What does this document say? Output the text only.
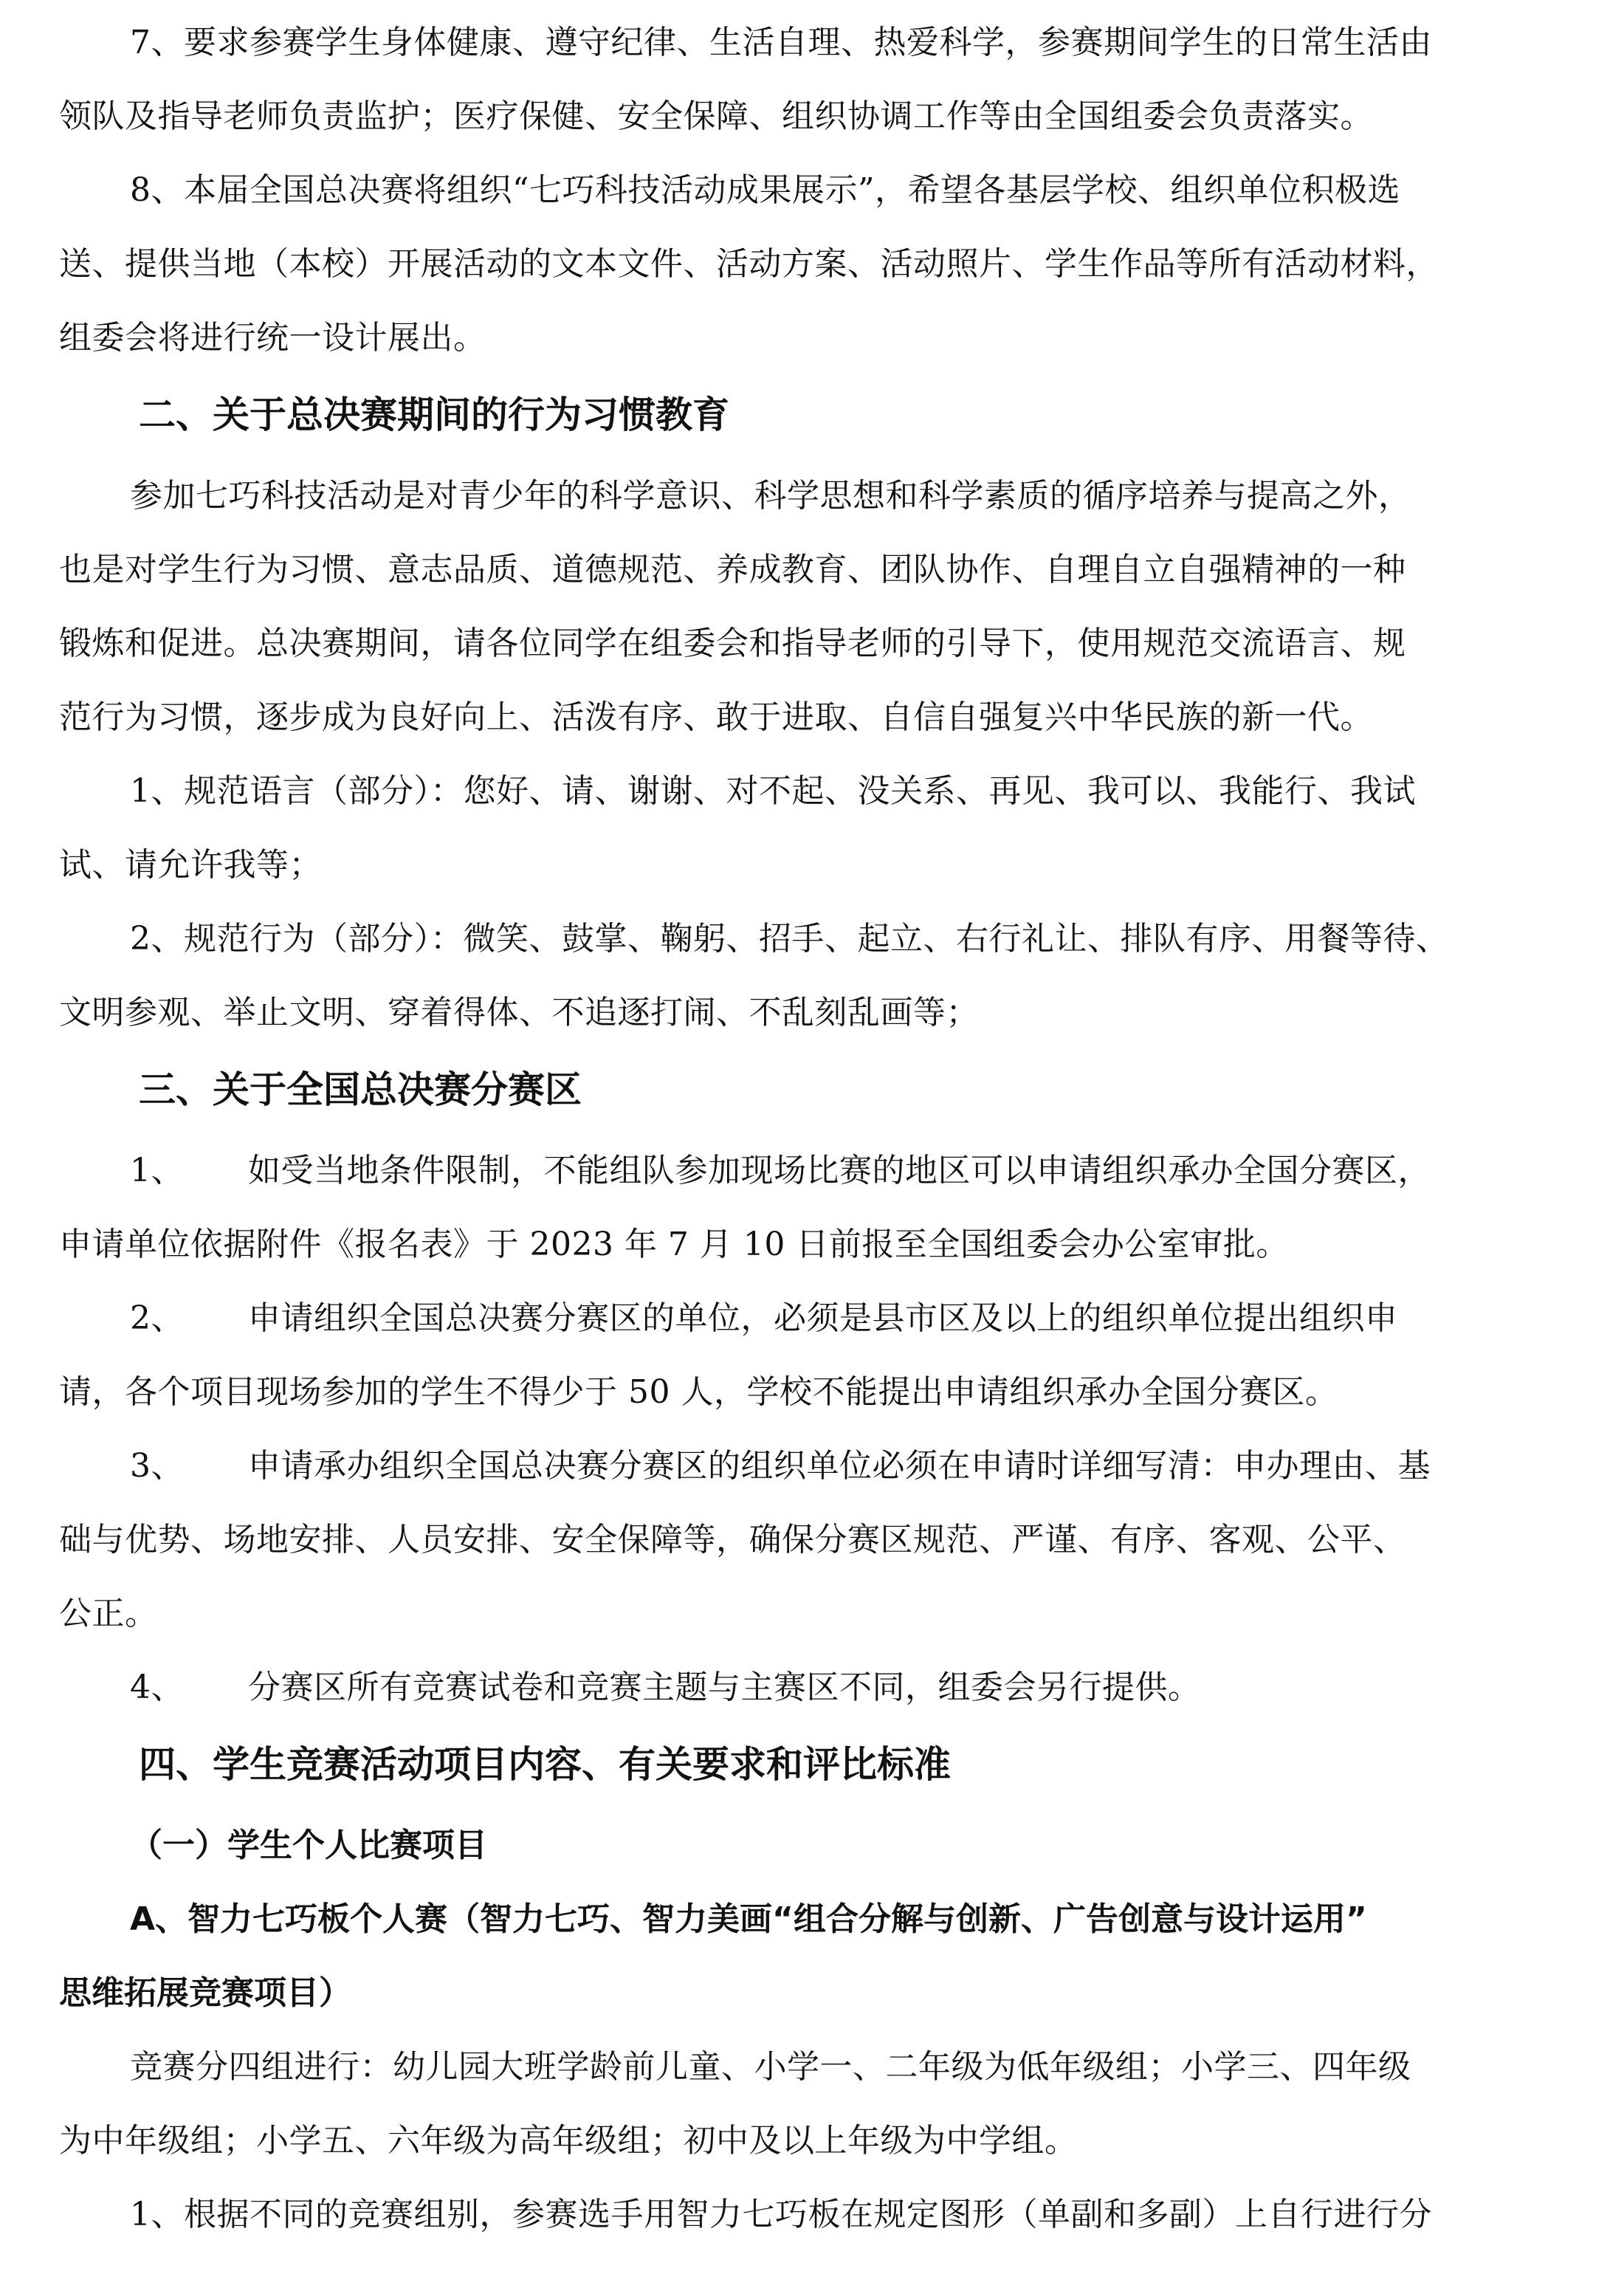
7、要求参赛学生身体健康、遵守纪律、生活自理、热爱科学，参赛期间学生的日常生活由
领队及指导老师负责监护；医疗保健、安全保障、组织协调工作等由全国组委会负责落实。
8、本届全国总决赛将组织“七巧科技活动成果展示”，希望各基层学校、组织单位积极选
送、提供当地（本校）开展活动的文本文件、活动方案、活动照片、学生作品等所有活动材料，
组委会将进行统一设计展出。
二、关于总决赛期间的行为习惯教育
参加七巧科技活动是对青少年的科学意识、科学思想和科学素质的循序培养与提高之外，
也是对学生行为习惯、意志品质、道德规范、养成教育、团队协作、自理自立自强精神的一种
锻炼和促进。总决赛期间，请各位同学在组委会和指导老师的引导下，使用规范交流语言、规
范行为习惯，逐步成为良好向上、活泼有序、敢于进取、自信自强复兴中华民族的新一代。
1、规范语言（部分）：您好、请、谢谢、对不起、没关系、再见、我可以、我能行、我试
试、请允许我等；
2、规范行为（部分）：微笑、鼓掌、鞠躬、招手、起立、右行礼让、排队有序、用餐等待、
文明参观、举止文明、穿着得体、不追逐打闹、不乱刻乱画等；
三、关于全国总决赛分赛区
1、 如受当地条件限制，不能组队参加现场比赛的地区可以申请组织承办全国分赛区，
申请单位依据附件《报名表》于 2023 年 7 月 10 日前报至全国组委会办公室审批。
2、 申请组织全国总决赛分赛区的单位，必须是县市区及以上的组织单位提出组织申
请，各个项目现场参加的学生不得少于 50 人，学校不能提出申请组织承办全国分赛区。
3、 申请承办组织全国总决赛分赛区的组织单位必须在申请时详细写清：申办理由、基
础与优势、场地安排、人员安排、安全保障等，确保分赛区规范、严谨、有序、客观、公平、
公正。
4、 分赛区所有竞赛试卷和竞赛主题与主赛区不同，组委会另行提供。
四、学生竞赛活动项目内容、有关要求和评比标准
（一）学生个人比赛项目
A、智力七巧板个人赛（智力七巧、智力美画“组合分解与创新、广告创意与设计运用”
思维拓展竞赛项目）
竞赛分四组进行：幼儿园大班学龄前儿童、小学一、二年级为低年级组；小学三、四年级
为中年级组；小学五、六年级为高年级组；初中及以上年级为中学组。
1、根据不同的竞赛组别，参赛选手用智力七巧板在规定图形（单副和多副）上自行进行分
